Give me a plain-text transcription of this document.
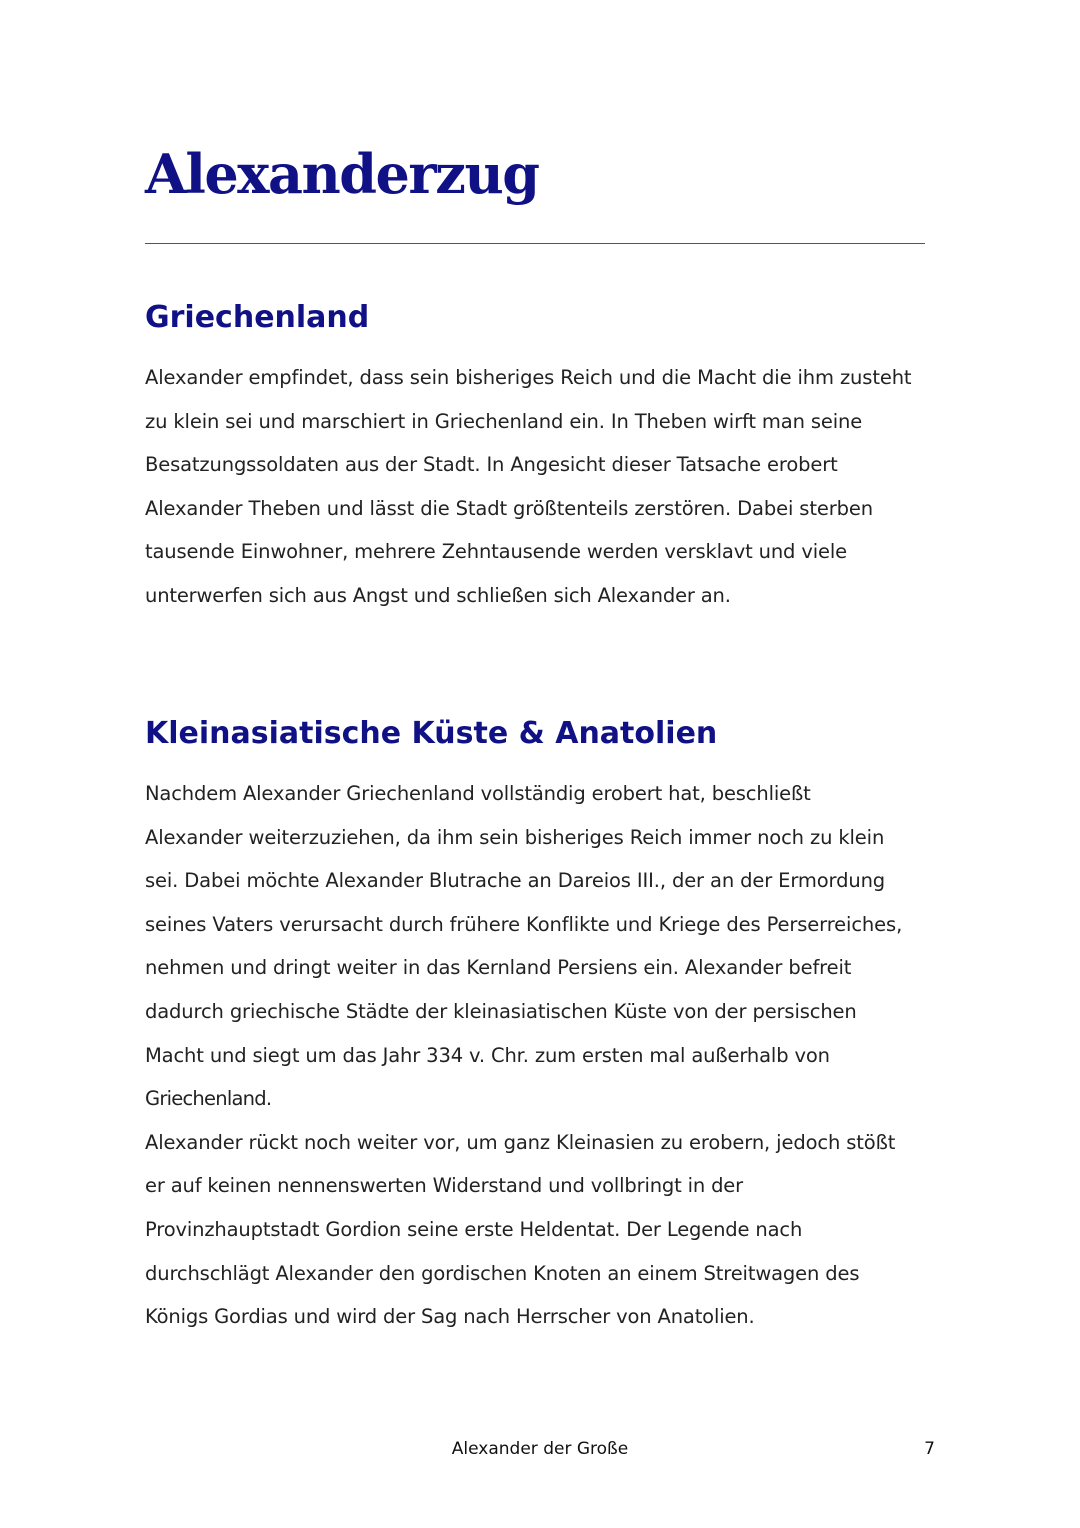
Alexanderzug
Griechenland
Alexander empfindet, dass sein bisheriges Reich und die Macht die ihm zusteht
zu klein sei und marschiert in Griechenland ein. In Theben wirft man seine
Besatzungssoldaten aus der Stadt. In Angesicht dieser Tatsache erobert
Alexander Theben und lässt die Stadt größtenteils zerstören. Dabei sterben
tausende Einwohner, mehrere Zehntausende werden versklavt und viele
unterwerfen sich aus Angst und schließen sich Alexander an.
Kleinasiatische Küste & Anatolien
Nachdem Alexander Griechenland vollständig erobert hat, beschließt
Alexander weiterzuziehen, da ihm sein bisheriges Reich immer noch zu klein
sei. Dabei möchte Alexander Blutrache an Dareios III., der an der Ermordung
seines Vaters verursacht durch frühere Konflikte und Kriege des Perserreiches,
nehmen und dringt weiter in das Kernland Persiens ein. Alexander befreit
dadurch griechische Städte der kleinasiatischen Küste von der persischen
Macht und siegt um das Jahr 334 v. Chr. zum ersten mal außerhalb von
Griechenland.
Alexander rückt noch weiter vor, um ganz Kleinasien zu erobern, jedoch stößt
er auf keinen nennenswerten Widerstand und vollbringt in der
Provinzhauptstadt Gordion seine erste Heldentat. Der Legende nach
durchschlägt Alexander den gordischen Knoten an einem Streitwagen des
Königs Gordias und wird der Sag nach Herrscher von Anatolien.
Alexander der Große	7
